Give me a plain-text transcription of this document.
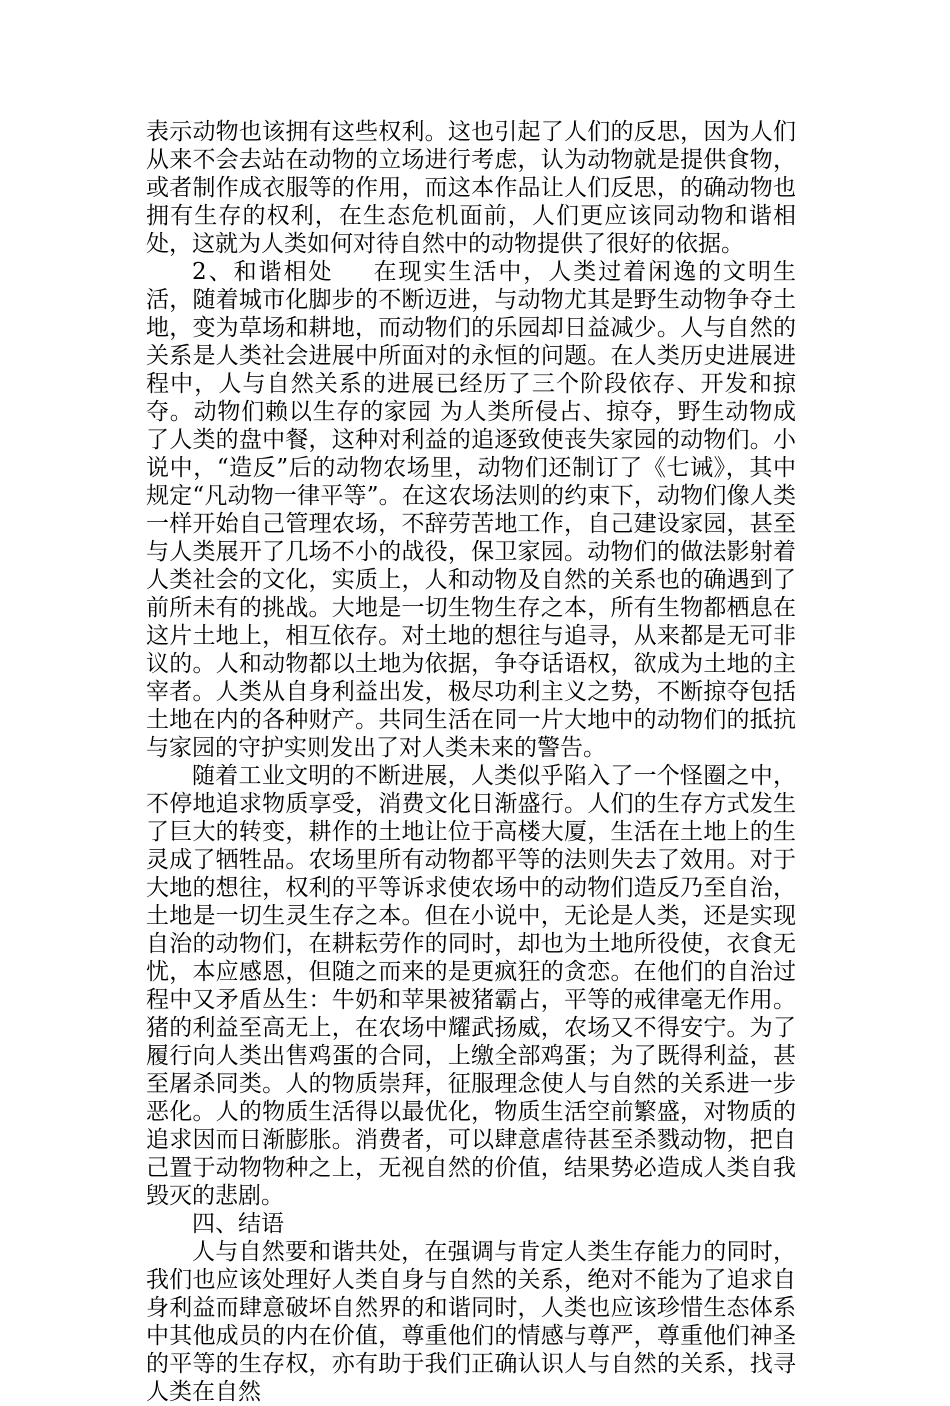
表示动物也该拥有这些权利。这也引起了人们的反思，因为人们从来不会去站在动物的立场进行考虑，认为动物就是提供食物，或者制作成衣服等的作用，而这本作品让人们反思，的确动物也拥有生存的权利，在生态危机面前，人们更应该同动物和谐相处，这就为人类如何对待自然中的动物提供了很好的依据。

2、和谐相处 在现实生活中，人类过着闲逸的文明生活，随着城市化脚步的不断迈进，与动物尤其是野生动物争夺土地，变为草场和耕地，而动物们的乐园却日益减少。人与自然的关系是人类社会进展中所面对的永恒的问题。在人类历史进展进程中，人与自然关系的进展已经历了三个阶段依存、开发和掠夺。动物们赖以生存的家园 为人类所侵占、掠夺，野生动物成了人类的盘中餐，这种对利益的追逐致使丧失家园的动物们。小说中，“造反”后的动物农场里，动物们还制订了《七诫》，其中规定“凡动物一律平等”。在这农场法则的约束下，动物们像人类一样开始自己管理农场，不辞劳苦地工作，自己建设家园，甚至与人类展开了几场不小的战役，保卫家园。动物们的做法影射着人类社会的文化，实质上，人和动物及自然的关系也的确遇到了前所未有的挑战。大地是一切生物生存之本，所有生物都栖息在这片土地上，相互依存。对土地的想往与追寻，从来都是无可非议的。人和动物都以土地为依据，争夺话语权，欲成为土地的主宰者。人类从自身利益出发，极尽功利主义之势，不断掠夺包括土地在内的各种财产。共同生活在同一片大地中的动物们的抵抗与家园的守护实则发出了对人类未来的警告。

随着工业文明的不断进展，人类似乎陷入了一个怪圈之中，不停地追求物质享受，消费文化日渐盛行。人们的生存方式发生了巨大的转变，耕作的土地让位于高楼大厦，生活在土地上的生灵成了牺牲品。农场里所有动物都平等的法则失去了效用。对于大地的想往，权利的平等诉求使农场中的动物们造反乃至自治，土地是一切生灵生存之本。但在小说中，无论是人类，还是实现自治的动物们，在耕耘劳作的同时，却也为土地所役使，衣食无忧，本应感恩，但随之而来的是更疯狂的贪恋。在他们的自治过程中又矛盾丛生：牛奶和苹果被猪霸占，平等的戒律毫无作用。猪的利益至高无上，在农场中耀武扬威，农场又不得安宁。为了履行向人类出售鸡蛋的合同，上缴全部鸡蛋；为了既得利益，甚至屠杀同类。人的物质崇拜，征服理念使人与自然的关系进一步恶化。人的物质生活得以最优化，物质生活空前繁盛，对物质的追求因而日渐膨胀。消费者，可以肆意虐待甚至杀戮动物，把自己置于动物物种之上，无视自然的价值，结果势必造成人类自我毁灭的悲剧。

四、结语

人与自然要和谐共处，在强调与肯定人类生存能力的同时，我们也应该处理好人类自身与自然的关系，绝对不能为了追求自身利益而肆意破坏自然界的和谐同时，人类也应该珍惜生态体系中其他成员的内在价值，尊重他们的情感与尊严，尊重他们神圣的平等的生存权，亦有助于我们正确认识人与自然的关系，找寻人类在自然
